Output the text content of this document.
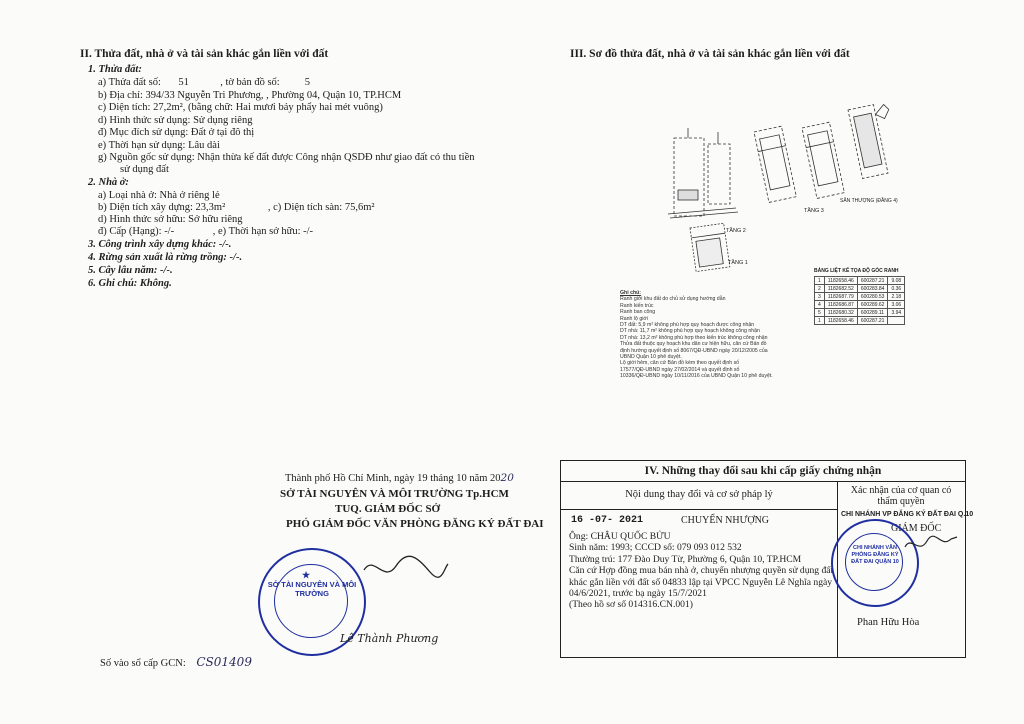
II. Thửa đất, nhà ở và tài sản khác gắn liền với đất
1. Thửa đất:
a) Thửa đất số: 51	, tờ bản đồ số: 5
b) Địa chỉ: 394/33 Nguyễn Tri Phương, , Phường 04, Quận 10, TP.HCM
c) Diện tích: 27,2m², (bằng chữ: Hai mươi bảy phẩy hai mét vuông)
d) Hình thức sử dụng: Sử dụng riêng
đ) Mục đích sử dụng: Đất ở tại đô thị
e) Thời hạn sử dụng: Lâu dài
g) Nguồn gốc sử dụng: Nhận thừa kế đất được Công nhận QSDĐ như giao đất có thu tiền
sử dụng đất
2. Nhà ở:
a) Loại nhà ở: Nhà ở riêng lẻ
b) Diện tích xây dựng: 23,3m²	, c) Diện tích sàn: 75,6m²
d) Hình thức sở hữu: Sở hữu riêng
đ) Cấp (Hạng): -/-	, e) Thời hạn sở hữu: -/-
3. Công trình xây dựng khác: -/-.
4. Rừng sản xuất là rừng trồng: -/-.
5. Cây lâu năm: -/-.
6. Ghi chú: Không.
III. Sơ đồ thửa đất, nhà ở và tài sản khác gắn liền với đất
TẦNG 2
TẦNG 1
TẦNG 3
SÂN THƯỢNG (ĐẦNG 4)
BẢNG LIỆT KÊ TỌA ĐỘ GÓC RANH
1	1182658.46	600287.21	9.08
2	1182682.52	600283.84	0.36
3	1182687.79	600280.53	2.18
4	1182686.87	600289.62	3.06
5	1182680.32	600289.11	3.94
1	1182658.46	600287.21	
Ghi chú:
Ranh giới khu đất do chủ sử dụng hướng dẫn
Ranh kiến trúc
Ranh ban công
Ranh lộ giới
DT đất: 5,9 m² không phù hợp quy hoạch được công nhận
DT nhà: 11,7 m² không phù hợp quy hoạch không công nhận
DT nhà: 13,2 m² không phù hợp theo kiến trúc không công nhận
Thửa đất thuộc quy hoạch khu dân cư hiện hữu, căn cứ Bản đồ
định hướng quyết định số 8067/QĐ-UBND ngày 20/12/2005 của
UBND Quận 10 phê duyệt.
Lộ giới hẻm, căn cứ Bản đồ kèm theo quyết định số
17577/QĐ-UBND ngày 27/02/2014 và quyết định số
10336/QĐ-UBND ngày 10/11/2016 của UBND Quận 10 phê duyệt.
Thành phố Hồ Chí Minh, ngày 19 tháng 10 năm 2020
SỞ TÀI NGUYÊN VÀ MÔI TRƯỜNG Tp.HCM
TUQ. GIÁM ĐỐC SỞ
PHÓ GIÁM ĐỐC VĂN PHÒNG ĐĂNG KÝ ĐẤT ĐAI
SỞ TÀI NGUYÊN VÀ MÔI TRƯỜNG
★
Lê Thành Phương
Số vào sổ cấp GCN: CS01409
IV. Những thay đổi sau khi cấp giấy chứng nhận
Nội dung thay đổi và cơ sở pháp lý
16 -07- 2021	CHUYỂN NHƯỢNG
Ông: CHÂU QUỐC BỬU
Sinh năm: 1993; CCCD số: 079 093 012 532
Thường trú: 177 Đào Duy Từ, Phường 6, Quận 10, TP.HCM
Căn cứ Hợp đồng mua bán nhà ở, chuyển nhượng quyền sử dụng đất
khác gắn liền với đất số 04833 lập tại VPCC Nguyễn Lê Nghĩa ngày
04/6/2021, trước bạ ngày 15/7/2021
(Theo hồ sơ số 014316.CN.001)
Xác nhận của cơ quan có thẩm quyền
CHI NHÁNH VP ĐĂNG KÝ ĐẤT ĐAI Q.10
GIÁM ĐỐC
CHI NHÁNH VĂN PHÒNG ĐĂNG KÝ ĐẤT ĐAI QUẬN 10
Phan Hữu Hòa
